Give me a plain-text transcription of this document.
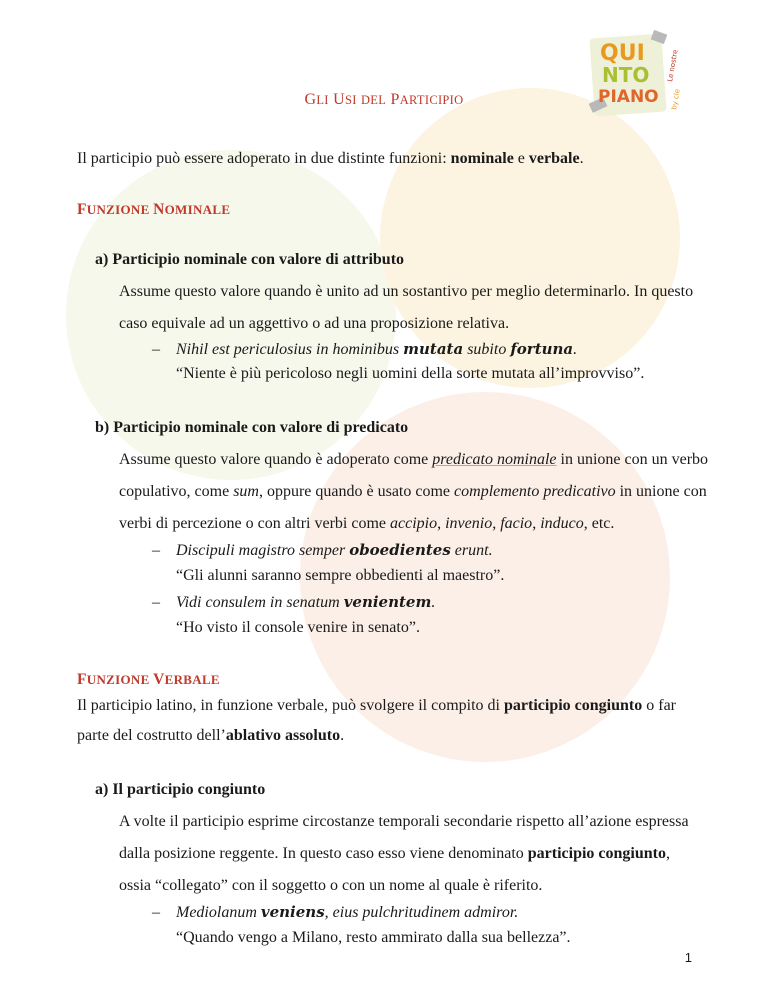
QUI
NTO
PIANO
Le nostre
by cle
GLI USI DEL PARTICIPIO
Il participio può essere adoperato in due distinte funzioni: nominale e verbale.
FUNZIONE NOMINALE
a) Participio nominale con valore di attributo
Assume questo valore quando è unito ad un sostantivo per meglio determinarlo. In questo
caso equivale ad un aggettivo o ad una proposizione relativa.
– Nihil est periculosius in hominibus mutata subito fortuna.
“Niente è più pericoloso negli uomini della sorte mutata all’improvviso”.
b) Participio nominale con valore di predicato
Assume questo valore quando è adoperato come predicato nominale in unione con un verbo
copulativo, come sum, oppure quando è usato come complemento predicativo in unione con
verbi di percezione o con altri verbi come accipio, invenio, facio, induco, etc.
– Discipuli magistro semper oboedientes erunt.
“Gli alunni saranno sempre obbedienti al maestro”.
– Vidi consulem in senatum venientem.
“Ho visto il console venire in senato”.
FUNZIONE VERBALE
Il participio latino, in funzione verbale, può svolgere il compito di participio congiunto o far
parte del costrutto dell’ablativo assoluto.
a) Il participio congiunto
A volte il participio esprime circostanze temporali secondarie rispetto all’azione espressa
dalla posizione reggente. In questo caso esso viene denominato participio congiunto,
ossia “collegato” con il soggetto o con un nome al quale è riferito.
– Mediolanum veniens, eius pulchritudinem admiror.
“Quando vengo a Milano, resto ammirato dalla sua bellezza”.
1
